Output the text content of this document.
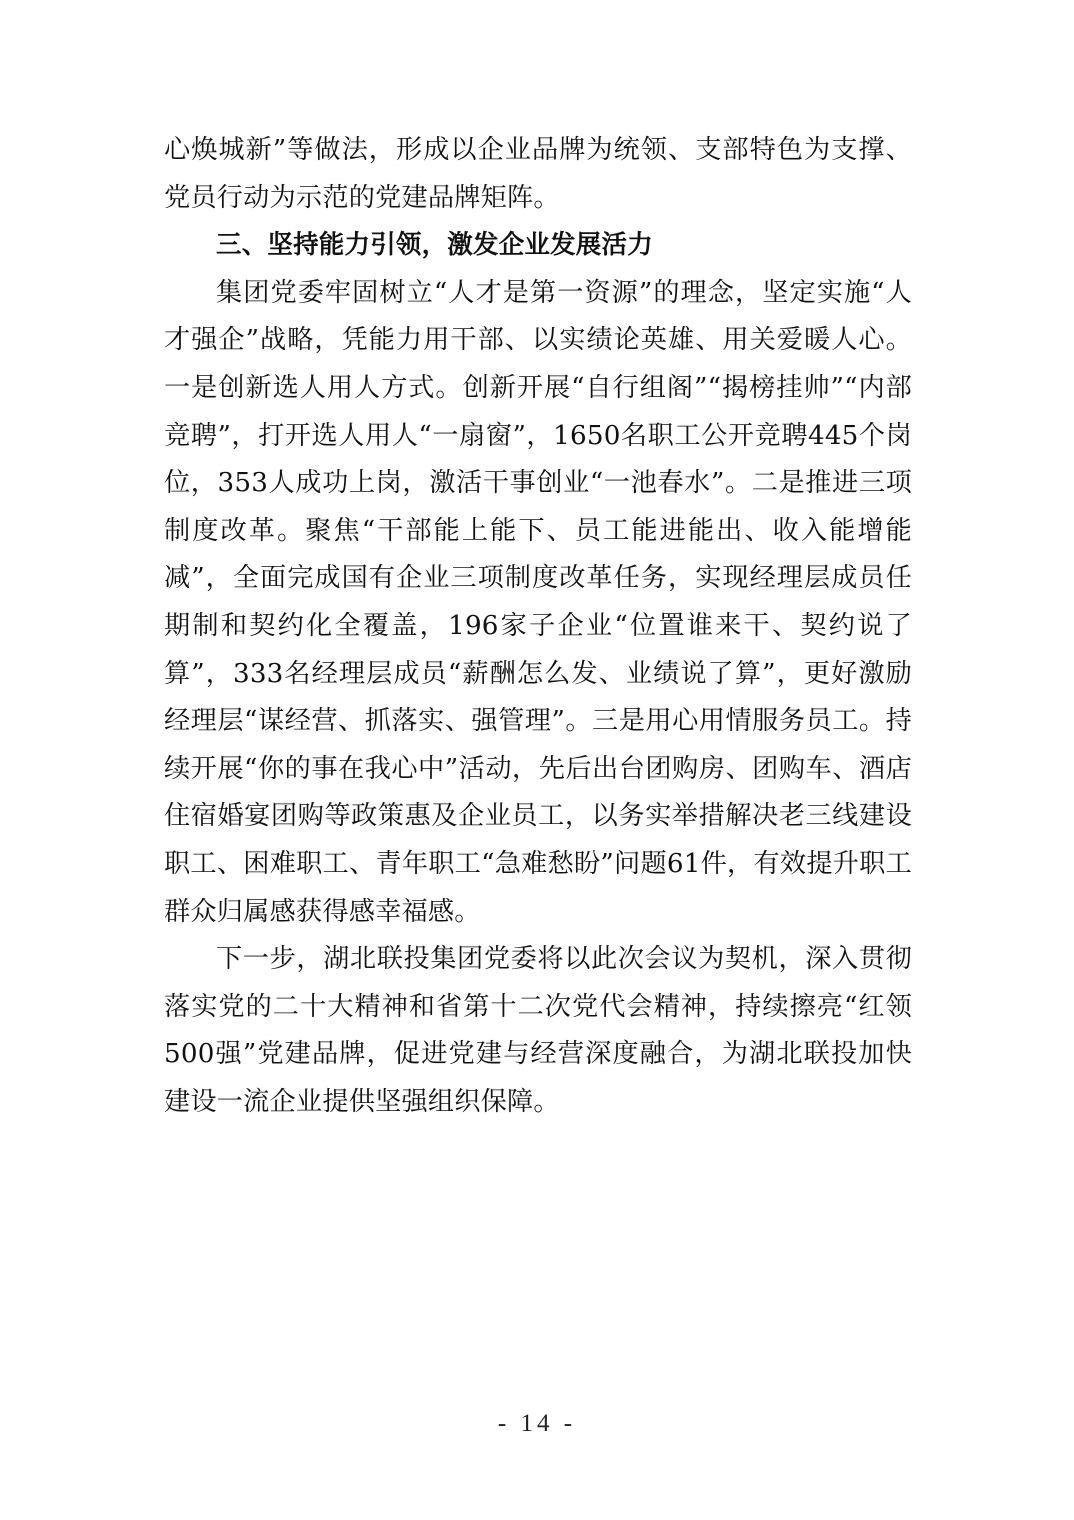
心焕城新”等做法，形成以企业品牌为统领、支部特色为支撑、党员行动为示范的党建品牌矩阵。

三、坚持能力引领，激发企业发展活力

集团党委牢固树立“人才是第一资源”的理念，坚定实施“人才强企”战略，凭能力用干部、以实绩论英雄、用关爱暖人心。一是创新选人用人方式。创新开展“自行组阁”“揭榜挂帅”“内部竞聘”，打开选人用人“一扇窗”，1650名职工公开竞聘445个岗位，353人成功上岗，激活干事创业“一池春水”。二是推进三项制度改革。聚焦“干部能上能下、员工能进能出、收入能增能减”，全面完成国有企业三项制度改革任务，实现经理层成员任期制和契约化全覆盖，196家子企业“位置谁来干、契约说了算”，333名经理层成员“薪酬怎么发、业绩说了算”，更好激励经理层“谋经营、抓落实、强管理”。三是用心用情服务员工。持续开展“你的事在我心中”活动，先后出台团购房、团购车、酒店住宿婚宴团购等政策惠及企业员工，以务实举措解决老三线建设职工、困难职工、青年职工“急难愁盼”问题61件，有效提升职工群众归属感获得感幸福感。

下一步，湖北联投集团党委将以此次会议为契机，深入贯彻落实党的二十大精神和省第十二次党代会精神，持续擦亮“红领500强”党建品牌，促进党建与经营深度融合，为湖北联投加快建设一流企业提供坚强组织保障。

- 14 -
